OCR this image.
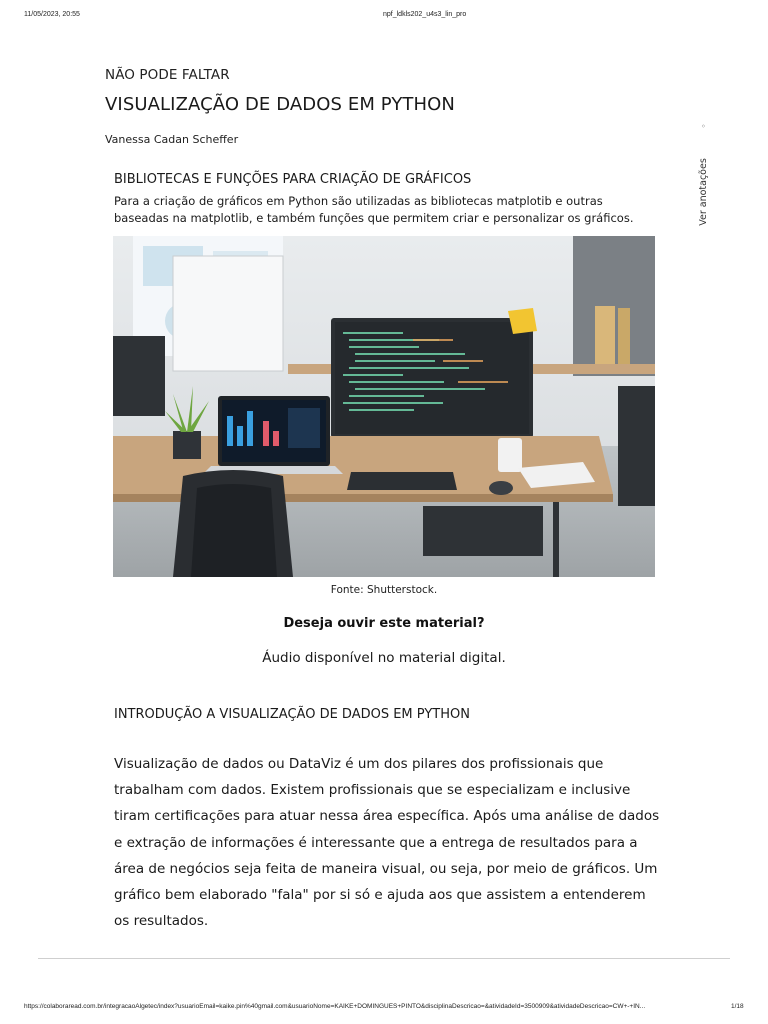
11/05/2023, 20:55	npf_ldkls202_u4s3_lin_pro
NÃO PODE FALTAR
VISUALIZAÇÃO DE DADOS EM PYTHON
Vanessa Cadan Scheffer
◦
Ver anotações
BIBLIOTECAS E FUNÇÕES PARA CRIAÇÃO DE GRÁFICOS
Para a criação de gráficos em Python são utilizadas as bibliotecas matplotib e outras baseadas na matplotlib, e também funções que permitem criar e personalizar os gráficos.
Fonte: Shutterstock.
Deseja ouvir este material?
Áudio disponível no material digital.
INTRODUÇÃO A VISUALIZAÇÃO DE DADOS EM PYTHON

Visualização de dados ou DataViz é um dos pilares dos profissionais que trabalham com dados. Existem profissionais que se especializam e inclusive tiram certificações para atuar nessa área específica. Após uma análise de dados e extração de informações é interessante que a entrega de resultados para a área de negócios seja feita de maneira visual, ou seja, por meio de gráficos. Um gráfico bem elaborado "fala" por si só e ajuda aos que assistem a entenderem os resultados.

https://colaboraread.com.br/integracaoAlgetec/index?usuarioEmail=kaike.pin%40gmail.com&usuarioNome=KAIKE+DOMINGUES+PINTO&disciplinaDescricao=&atividadeId=3500909&atividadeDescricao=CW+-+IN...	1/18
